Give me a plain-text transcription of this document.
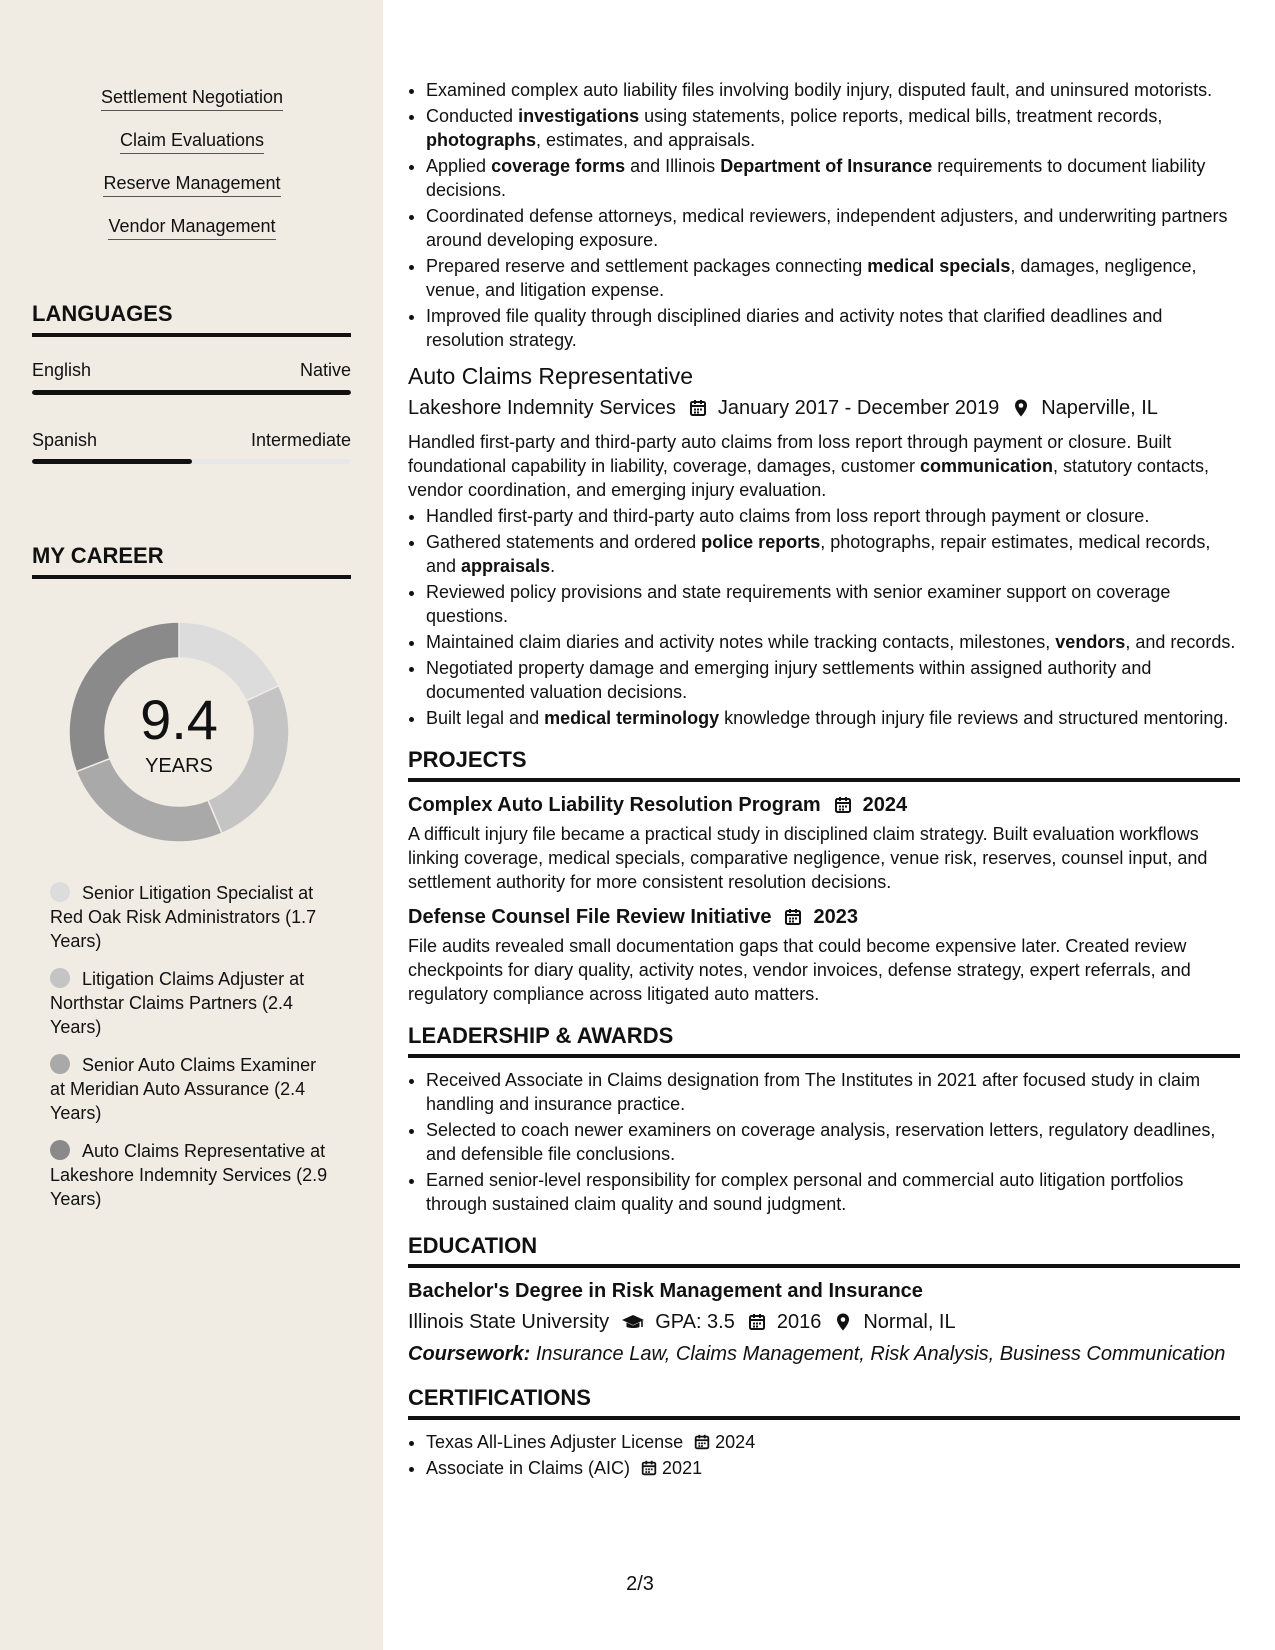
Settlement Negotiation
Claim Evaluations
Reserve Management
Vendor Management
LANGUAGES
English	Native
Spanish	Intermediate
MY CAREER
9.4
YEARS
Senior Litigation Specialist at Red Oak Risk Administrators (1.7 Years)
Litigation Claims Adjuster at Northstar Claims Partners (2.4 Years)
Senior Auto Claims Examiner at Meridian Auto Assurance (2.4 Years)
Auto Claims Representative at Lakeshore Indemnity Services (2.9 Years)
• Examined complex auto liability files involving bodily injury, disputed fault, and uninsured motorists.
• Conducted investigations using statements, police reports, medical bills, treatment records, photographs, estimates, and appraisals.
• Applied coverage forms and Illinois Department of Insurance requirements to document liability decisions.
• Coordinated defense attorneys, medical reviewers, independent adjusters, and underwriting partners around developing exposure.
• Prepared reserve and settlement packages connecting medical specials, damages, negligence, venue, and litigation expense.
• Improved file quality through disciplined diaries and activity notes that clarified deadlines and resolution strategy.
Auto Claims Representative
Lakeshore Indemnity Services January 2017 - December 2019 Naperville, IL

Handled first-party and third-party auto claims from loss report through payment or closure. Built foundational capability in liability, coverage, damages, customer communication, statutory contacts, vendor coordination, and emerging injury evaluation.

• Handled first-party and third-party auto claims from loss report through payment or closure.
• Gathered statements and ordered police reports, photographs, repair estimates, medical records, and appraisals.
• Reviewed policy provisions and state requirements with senior examiner support on coverage questions.
• Maintained claim diaries and activity notes while tracking contacts, milestones, vendors, and records.
• Negotiated property damage and emerging injury settlements within assigned authority and documented valuation decisions.
• Built legal and medical terminology knowledge through injury file reviews and structured mentoring.
PROJECTS
Complex Auto Liability Resolution Program 2024

A difficult injury file became a practical study in disciplined claim strategy. Built evaluation workflows linking coverage, medical specials, comparative negligence, venue risk, reserves, counsel input, and settlement authority for more consistent resolution decisions.

Defense Counsel File Review Initiative 2023

File audits revealed small documentation gaps that could become expensive later. Created review checkpoints for diary quality, activity notes, vendor invoices, defense strategy, expert referrals, and regulatory compliance across litigated auto matters.

LEADERSHIP & AWARDS
• Received Associate in Claims designation from The Institutes in 2021 after focused study in claim handling and insurance practice.
• Selected to coach newer examiners on coverage analysis, reservation letters, regulatory deadlines, and defensible file conclusions.
• Earned senior-level responsibility for complex personal and commercial auto litigation portfolios through sustained claim quality and sound judgment.
EDUCATION
Bachelor's Degree in Risk Management and Insurance
Illinois State University GPA: 3.5 2016 Normal, IL
Coursework: Insurance Law, Claims Management, Risk Analysis, Business Communication
CERTIFICATIONS
• Texas All-Lines Adjuster License 2024
• Associate in Claims (AIC) 2021
2/3
